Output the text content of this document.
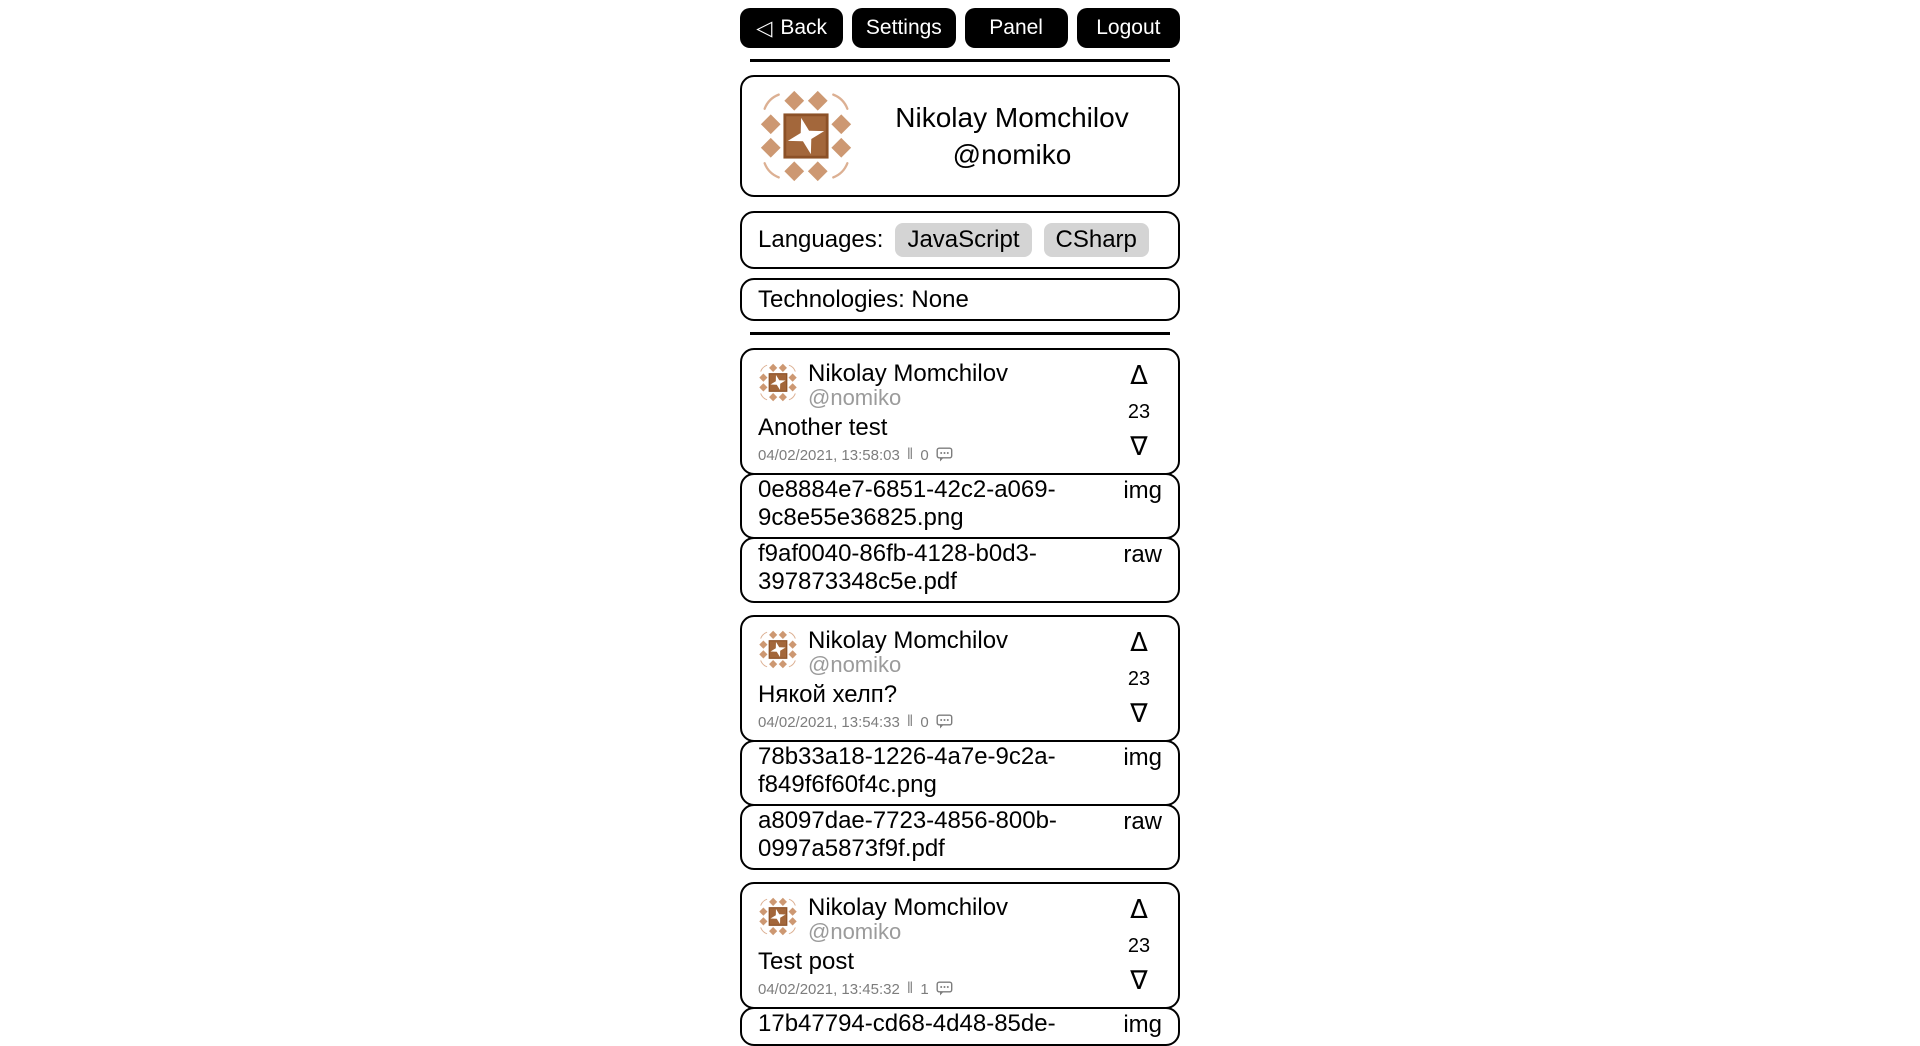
◁ Back Settings Panel	Logout
Nikolay Momchilov
@nomiko
Languages:	JavaScript	CSharp
Technologies: None
Nikolay Momchilov
@nomiko
Another test
04/02/2021, 13:58:03 ‖ 0
Δ
23
∇
0e8884e7-6851-42c2-a069-9c8e55e36825.png
img
f9af0040-86fb-4128-b0d3-397873348c5e.pdf
raw
Nikolay Momchilov
@nomiko
Някой хелп?
04/02/2021, 13:54:33 ‖ 0
Δ
23
∇
78b33a18-1226-4a7e-9c2a-f849f6f60f4c.png
img
a8097dae-7723-4856-800b-0997a5873f9f.pdf
raw
Nikolay Momchilov
@nomiko
Test post
04/02/2021, 13:45:32 ‖ 1
Δ
23
∇
17b47794-cd68-4d48-85de-	img
